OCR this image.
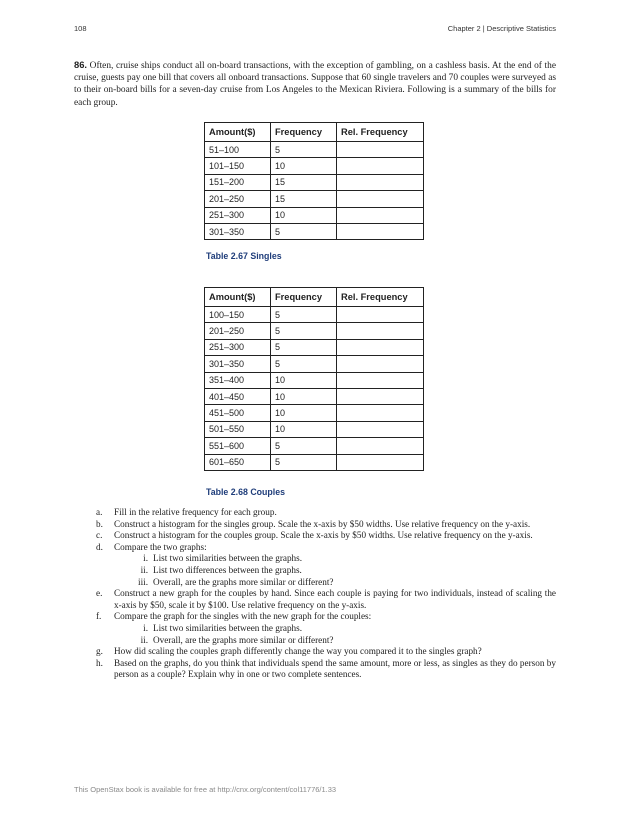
108	Chapter 2 | Descriptive Statistics
86. Often, cruise ships conduct all on-board transactions, with the exception of gambling, on a cashless basis. At the end of the cruise, guests pay one bill that covers all onboard transactions. Suppose that 60 single travelers and 70 couples were surveyed as to their on-board bills for a seven-day cruise from Los Angeles to the Mexican Riviera. Following is a summary of the bills for each group.
Amount($)	Frequency	Rel. Frequency
51–100	5	
101–150	10	
151–200	15	
201–250	15	
251–300	10	
301–350	5	
Table 2.67 Singles
Amount($)	Frequency	Rel. Frequency
100–150	5	
201–250	5	
251–300	5	
301–350	5	
351–400	10	
401–450	10	
451–500	10	
501–550	10	
551–600	5	
601–650	5	
Table 2.68 Couples
a. Fill in the relative frequency for each group.
b. Construct a histogram for the singles group. Scale the x-axis by $50 widths. Use relative frequency on the y-axis.
c. Construct a histogram for the couples group. Scale the x-axis by $50 widths. Use relative frequency on the y-axis.
d. Compare the two graphs:
i. List two similarities between the graphs.
ii. List two differences between the graphs.
iii. Overall, are the graphs more similar or different?
e. Construct a new graph for the couples by hand. Since each couple is paying for two individuals, instead of scaling the x-axis by $50, scale it by $100. Use relative frequency on the y-axis.
f. Compare the graph for the singles with the new graph for the couples:
i. List two similarities between the graphs.
ii. Overall, are the graphs more similar or different?
g. How did scaling the couples graph differently change the way you compared it to the singles graph?
h. Based on the graphs, do you think that individuals spend the same amount, more or less, as singles as they do person by person as a couple? Explain why in one or two complete sentences.
This OpenStax book is available for free at http://cnx.org/content/col11776/1.33
